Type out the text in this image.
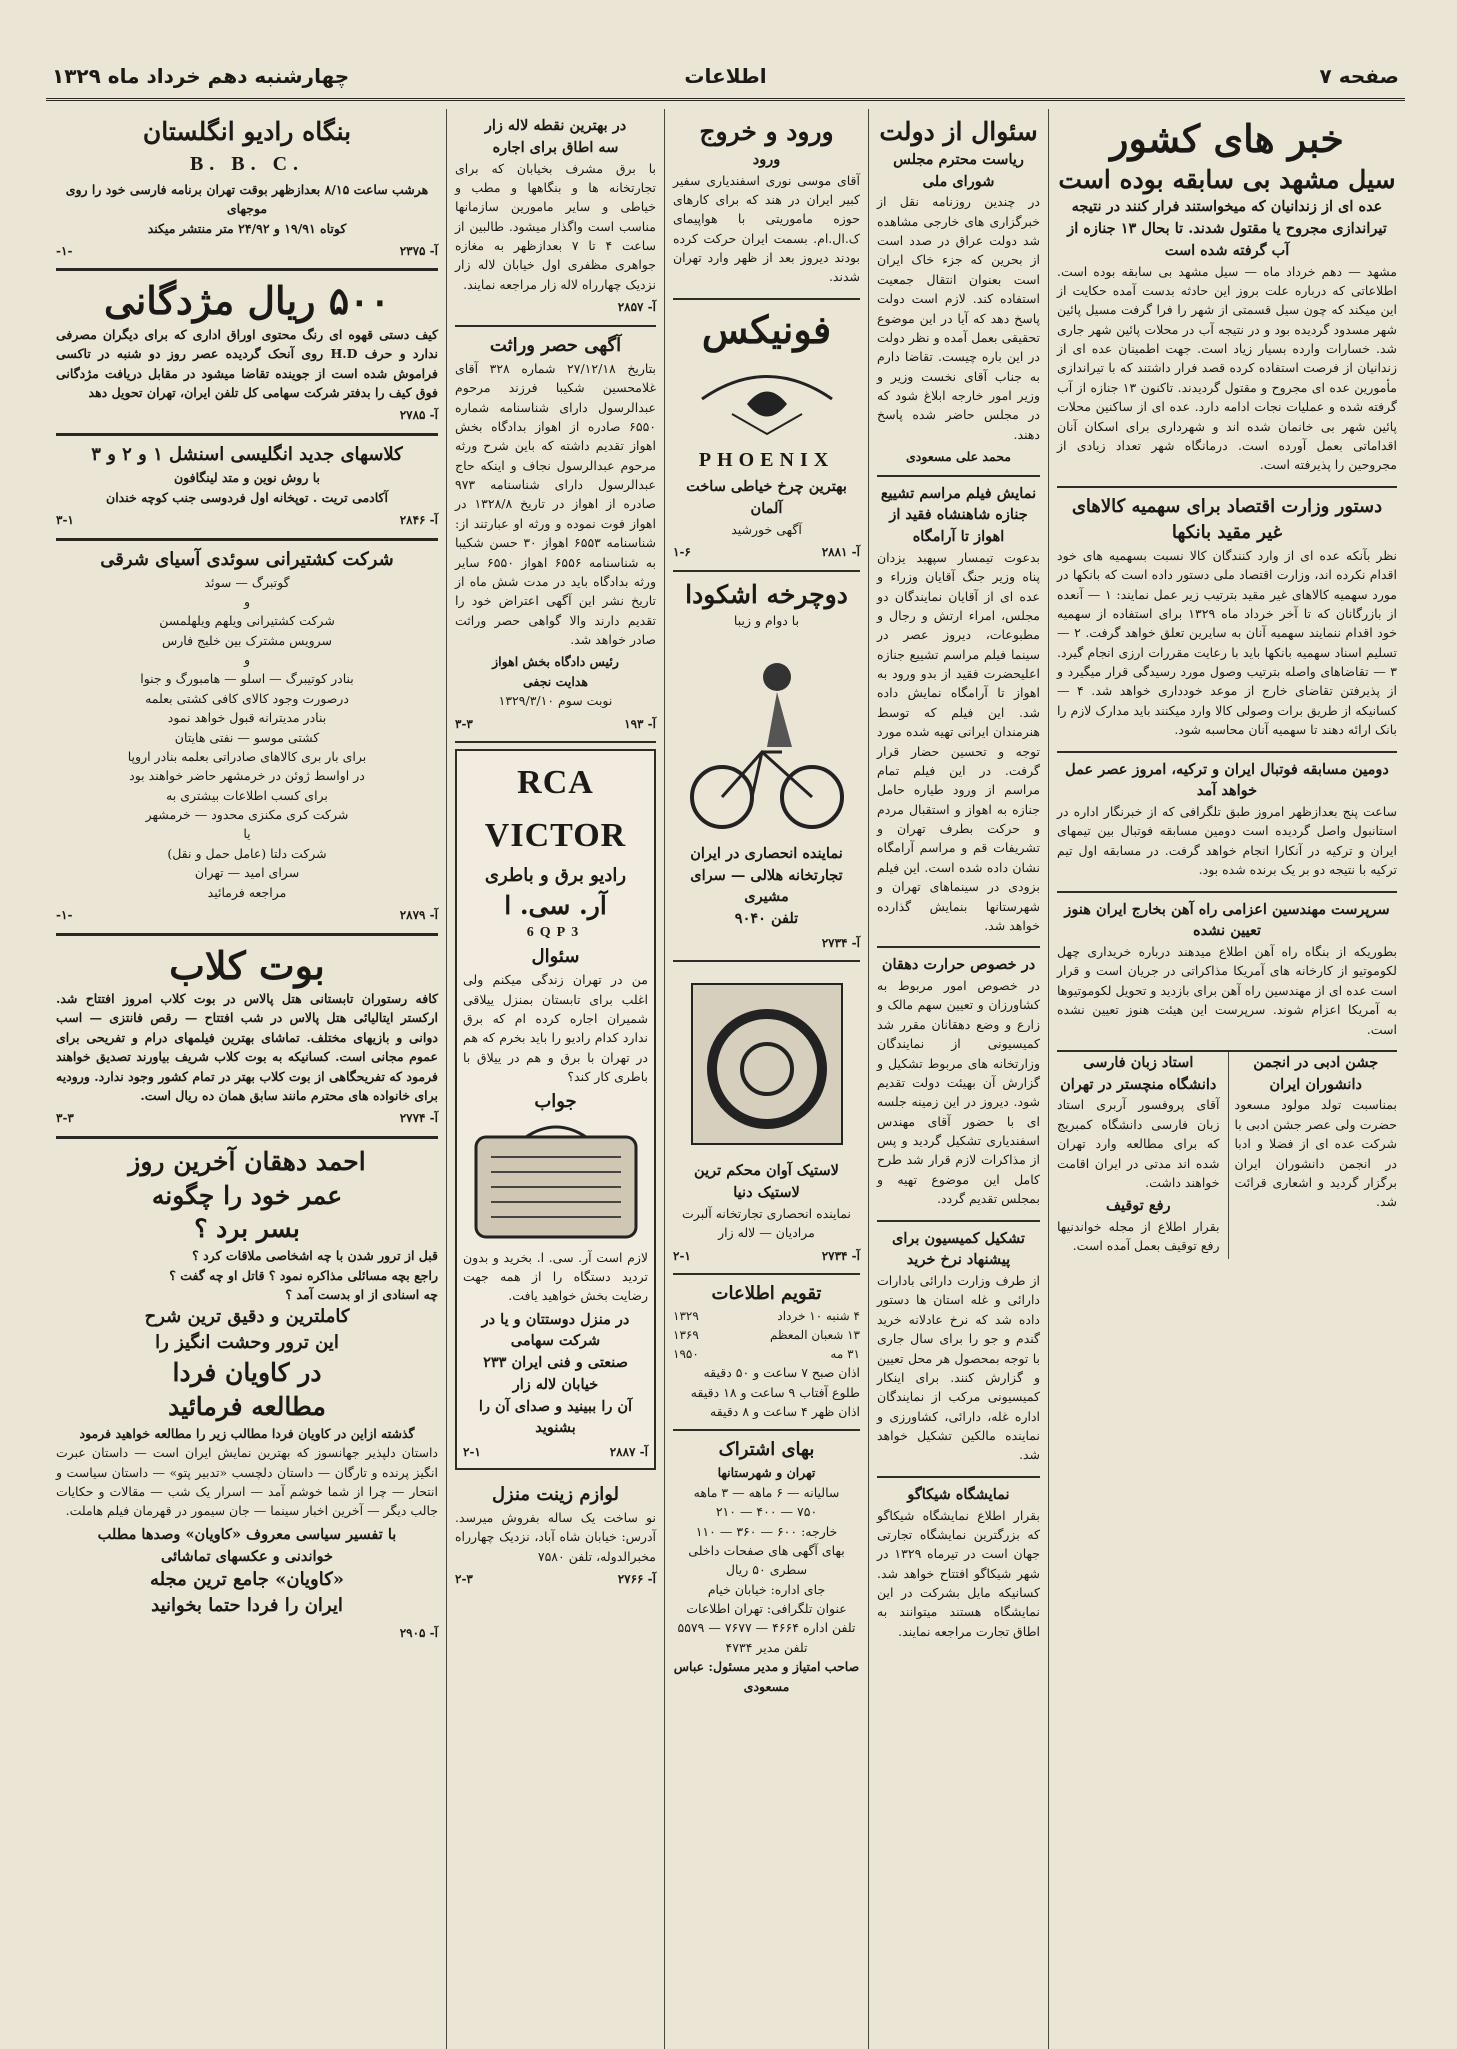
صفحه ۷
اطلاعات
چهارشنبه دهم خرداد ماه ۱۳۲۹
خبر های کشور
سیل مشهد بی سابقه بوده است
عده ای از زندانیان که میخواستند فرار کنند در نتیجه تیراندازی مجروح یا مقتول شدند. تا بحال ۱۳ جنازه از آب گرفته شده است

مشهد — دهم خرداد ماه — سیل مشهد بی سابقه بوده است. اطلاعاتی که درباره علت بروز این حادثه بدست آمده حکایت از این میکند که چون سیل قسمتی از شهر را فرا گرفت مسیل پائین شهر مسدود گردیده بود و در نتیجه آب در محلات پائین شهر جاری شد. خسارات وارده بسیار زیاد است. جهت اطمینان عده ای از زندانیان از فرصت استفاده کرده قصد فرار داشتند که با تیراندازی مأمورین عده ای مجروح و مقتول گردیدند. تاکنون ۱۳ جنازه از آب گرفته شده و عملیات نجات ادامه دارد. عده ای از ساکنین محلات پائین شهر بی خانمان شده اند و شهرداری برای اسکان آنان اقداماتی بعمل آورده است. درمانگاه شهر تعداد زیادی از مجروحین را پذیرفته است.

دستور وزارت اقتصاد برای سهمیه کالاهای غیر مقید بانکها

نظر بآنکه عده ای از وارد کنندگان کالا نسبت بسهمیه های خود اقدام نکرده اند، وزارت اقتصاد ملی دستور داده است که بانکها در مورد سهمیه کالاهای غیر مقید بترتیب زیر عمل نمایند: ۱ — آنعده از بازرگانان که تا آخر خرداد ماه ۱۳۲۹ برای استفاده از سهمیه خود اقدام ننمایند سهمیه آنان به سایرین تعلق خواهد گرفت. ۲ — تسلیم اسناد سهمیه بانکها باید با رعایت مقررات ارزی انجام گیرد. ۳ — تقاضاهای واصله بترتیب وصول مورد رسیدگی قرار میگیرد و از پذیرفتن تقاضای خارج از موعد خودداری خواهد شد. ۴ — کسانیکه از طریق برات وصولی کالا وارد میکنند باید مدارک لازم را بانک ارائه دهند تا سهمیه آنان محاسبه شود.

دومین مسابقه فوتبال ایران و ترکیه، امروز عصر عمل خواهد آمد

ساعت پنج بعدازظهر امروز طبق تلگرافی که از خبرنگار اداره در استانبول واصل گردیده است دومین مسابقه فوتبال بین تیمهای ایران و ترکیه در آنکارا انجام خواهد گرفت. در مسابقه اول تیم ترکیه با نتیجه دو بر یک برنده شده بود.

سرپرست مهندسین اعزامی راه آهن بخارج ایران هنوز تعیین نشده

بطوریکه از بنگاه راه آهن اطلاع میدهند درباره خریداری چهل لکوموتیو از کارخانه های آمریکا مذاکراتی در جریان است و قرار است عده ای از مهندسین راه آهن برای بازدید و تحویل لکوموتیوها به آمریکا اعزام شوند. سرپرست این هیئت هنوز تعیین نشده است.

جشن ادبی در انجمن دانشوران ایران

بمناسبت تولد مولود مسعود حضرت ولی عصر جشن ادبی با شرکت عده ای از فضلا و ادبا در انجمن دانشوران ایران برگزار گردید و اشعاری قرائت شد.

استاد زبان فارسی دانشگاه منچستر در تهران

آقای پروفسور آربری استاد زبان فارسی دانشگاه کمبریج که برای مطالعه وارد تهران شده اند مدتی در ایران اقامت خواهند داشت.

رفع توقیف

بقرار اطلاع از مجله خواندنیها رفع توقیف بعمل آمده است.

سئوال از دولت
ریاست محترم مجلس
شورای ملی

در چندین روزنامه نقل از خبرگزاری های خارجی مشاهده شد دولت عراق در صدد است از بحرین که جزء خاک ایران است بعنوان انتقال جمعیت استفاده کند. لازم است دولت پاسخ دهد که آیا در این موضوع تحقیقی بعمل آمده و نظر دولت در این باره چیست. تقاضا دارم به جناب آقای نخست وزیر و وزیر امور خارجه ابلاغ شود که در مجلس حاضر شده پاسخ دهند.

محمد علی مسعودی
نمایش فیلم مراسم تشییع جنازه شاهنشاه فقید از اهواز تا آرامگاه

بدعوت تیمسار سپهبد یزدان پناه وزیر جنگ آقایان وزراء و عده ای از آقایان نمایندگان دو مجلس، امراء ارتش و رجال و مطبوعات، دیروز عصر در سینما فیلم مراسم تشییع جنازه اعلیحضرت فقید از بدو ورود به اهواز تا آرامگاه نمایش داده شد. این فیلم که توسط هنرمندان ایرانی تهیه شده مورد توجه و تحسین حضار قرار گرفت. در این فیلم تمام مراسم از ورود طیاره حامل جنازه به اهواز و استقبال مردم و حرکت بطرف تهران و تشریفات قم و مراسم آرامگاه نشان داده شده است. این فیلم بزودی در سینماهای تهران و شهرستانها بنمایش گذارده خواهد شد.

در خصوص حرارت دهقان

در خصوص امور مربوط به کشاورزان و تعیین سهم مالک و زارع و وضع دهقانان مقرر شد کمیسیونی از نمایندگان وزارتخانه های مربوط تشکیل و گزارش آن بهیئت دولت تقدیم شود. دیروز در این زمینه جلسه ای با حضور آقای مهندس اسفندیاری تشکیل گردید و پس از مذاکرات لازم قرار شد طرح کامل این موضوع تهیه و بمجلس تقدیم گردد.

تشکیل کمیسیون برای پیشنهاد نرخ خرید

از طرف وزارت دارائی بادارات دارائی و غله استان ها دستور داده شد که نرخ عادلانه خرید گندم و جو را برای سال جاری با توجه بمحصول هر محل تعیین و گزارش کنند. برای اینکار کمیسیونی مرکب از نمایندگان اداره غله، دارائی، کشاورزی و نماینده مالکین تشکیل خواهد شد.

نمایشگاه شیکاگو

بقرار اطلاع نمایشگاه شیکاگو که بزرگترین نمایشگاه تجارتی جهان است در تیرماه ۱۳۲۹ در شهر شیکاگو افتتاح خواهد شد. کسانیکه مایل بشرکت در این نمایشگاه هستند میتوانند به اطاق تجارت مراجعه نمایند.

ورود و خروج
ورود

آقای موسی نوری اسفندیاری سفیر کبیر ایران در هند که برای کارهای حوزه ماموریتی با هواپیمای ک.ال.ام. بسمت ایران حرکت کرده بودند دیروز بعد از ظهر وارد تهران شدند.

فونیکس
PHOENIX
بهترین چرخ خیاطی ساخت آلمان
آگهی خورشید
آ- ۲۸۸۱
۱-۶
دوچرخه اشکودا
با دوام و زیبا
نماینده انحصاری در ایران
تجارتخانه هلالی — سرای مشیری
تلفن ۹۰۴۰
آ- ۲۷۳۴
لاستیک آوان محکم ترین لاستیک دنیا
نماینده انحصاری تجارتخانه آلبرت مرادیان — لاله زار
آ- ۲۷۳۴
۲-۱
تقویم اطلاعات
۴ شنبه ۱۰ خرداد
۱۳۲۹
۱۳ شعبان المعظم
۱۳۶۹
۳۱ مه
۱۹۵۰
اذان صبح ۷ ساعت و ۵۰ دقیقه
طلوع آفتاب ۹ ساعت و ۱۸ دقیقه
اذان ظهر ۴ ساعت و ۸ دقیقه
بهای اشتراک
تهران و شهرستانها
سالیانه — ۶ ماهه — ۳ ماهه
۷۵۰ — ۴۰۰ — ۲۱۰
خارجه: ۶۰۰ — ۳۶۰ — ۱۱۰
بهای آگهی های صفحات داخلی
سطری ۵۰ ریال
جای اداره: خیابان خیام
عنوان تلگرافی: تهران اطلاعات
تلفن اداره ۴۶۶۴ — ۷۶۷۷ — ۵۵۷۹
تلفن مدیر ۴۷۳۴
صاحب امتیاز و مدیر مسئول: عباس مسعودی
در بهترین نقطه لاله زار
سه اطاق برای اجاره

با برق مشرف بخیابان که برای تجارتخانه ها و بنگاهها و مطب و خیاطی و سایر مامورین سازمانها مناسب است واگذار میشود. طالبین از ساعت ۴ تا ۷ بعدازظهر به مغازه جواهری مظفری اول خیابان لاله زار نزدیک چهارراه لاله زار مراجعه نمایند.

آ- ۲۸۵۷
آگهی حصر وراثت

بتاریخ ۲۷/۱۲/۱۸ شماره ۳۲۸ آقای غلامحسین شکیبا فرزند مرحوم عبدالرسول دارای شناسنامه شماره ۶۵۵۰ صادره از اهواز بدادگاه بخش اهواز تقدیم داشته که باین شرح ورثه مرحوم عبدالرسول نجاف و اینکه حاج عبدالرسول دارای شناسنامه ۹۷۳ صادره از اهواز در تاریخ ۱۳۲۸/۸ در اهواز فوت نموده و ورثه او عبارتند از: شناسنامه ۶۵۵۳ اهواز ۳۰ حسن شکیبا به شناسنامه ۶۵۵۶ اهواز ۶۵۵۰ سایر ورثه بدادگاه باید در مدت شش ماه از تاریخ نشر این آگهی اعتراض خود را تقدیم دارند والا گواهی حصر وراثت صادر خواهد شد.

رئیس دادگاه بخش اهواز
هدایت نجفی
نوبت سوم ۱۳۲۹/۳/۱۰
آ- ۱۹۳
۳-۳
RCA VICTOR
رادیو برق و باطری
آر. سی. ا
6QP3
سئوال

من در تهران زندگی میکنم ولی اغلب برای تابستان بمنزل ییلاقی شمیران اجاره کرده ام که برق ندارد کدام رادیو را باید بخرم که هم در تهران با برق و هم در ییلاق با باطری کار کند؟

جواب

لازم است آر. سی. ا. بخرید و بدون تردید دستگاه را از همه جهت رضایت بخش خواهید یافت.

در منزل دوستتان و یا در شرکت سهامی
صنعتی و فنی ایران ۲۳۳ خیابان لاله زار
آن را ببینید و صدای آن را بشنوید
آ- ۲۸۸۷
۲-۱
لوازم زینت منزل

نو ساخت یک ساله بفروش میرسد. آدرس: خیابان شاه آباد، نزدیک چهارراه مخبرالدوله، تلفن ۷۵۸۰

آ- ۲۷۶۶
۲-۳
بنگاه رادیو انگلستان
B. B. C.
هرشب ساعت ۸/۱۵ بعدازظهر بوقت تهران برنامه فارسی خود را روی موجهای
کوتاه ۱۹/۹۱ و ۲۴/۹۲ متر منتشر میکند
آ- ۲۳۷۵
-۱-
۵۰۰ ریال مژدگانی

کیف دستی قهوه ای رنگ محتوی اوراق اداری که برای دیگران مصرفی ندارد و حرف H.D روی آنحک گردیده عصر روز دو شنبه در تاکسی فراموش شده است از جوینده تقاضا میشود در مقابل دریافت مژدگانی فوق کیف را بدفتر شرکت سهامی کل تلفن ایران، تهران تحویل دهد

آ- ۲۷۸۵
کلاسهای جدید انگلیسی اسنشل ۱ و ۲ و ۳
با روش نوین و متد لینگافون
آکادمی تریت . توپخانه اول فردوسی جنب کوچه خندان
آ- ۲۸۴۶
۳-۱
شرکت کشتیرانی سوئدی آسیای شرقی
گوتبرگ — سوئد
و
شرکت کشتیرانی ویلهم ویلهلمسن
سرویس مشترک بین خلیج فارس
و
بنادر کوتیبرگ — اسلو — هامبورگ و جنوا
درصورت وجود کالای کافی کشتی بعلمه
بنادر مدیترانه قبول خواهد نمود
کشتی موسو — نفتی هایتان
برای بار بری کالاهای صادراتی بعلمه بنادر اروپا
در اواسط ژوئن در خرمشهر حاضر خواهند بود
برای کسب اطلاعات بیشتری به
شرکت کری مکنزی محدود — خرمشهر
یا
شرکت دلتا (عامل حمل و نقل)
سرای امید — تهران
مراجعه فرمائید
آ- ۲۸۷۹
-۱-
بوت کلاب

کافه رستوران تابستانی هتل پالاس در بوت کلاب امروز افتتاح شد. ارکستر ایتالیائی هتل پالاس در شب افتتاح — رقص فانتزی — اسب دوانی و بازیهای مختلف. تماشای بهترین فیلمهای درام و تفریحی برای عموم مجانی است. کسانیکه به بوت کلاب شریف بیاورند تصدیق خواهند فرمود که تفریحگاهی از بوت کلاب بهتر در تمام کشور وجود ندارد. ورودیه برای خانواده های محترم مانند سابق همان ده ریال است.

آ- ۲۷۷۴
۳-۳
احمد دهقان آخرین روز
عمر خود را چگونه
بسر برد ؟
قبل از ترور شدن با چه اشخاصی ملاقات کرد ؟
راجع بچه مسائلی مذاکره نمود ؟ قاتل او چه گفت ؟
چه اسنادی از او بدست آمد ؟
کاملترین و دقیق ترین شرح
این ترور وحشت انگیز را
در کاویان فردا
مطالعه فرمائید
گذشته ازاین در کاویان فردا مطالب زیر را مطالعه خواهید فرمود

داستان دلپذیر جهانسوز که بهترین نمایش ایران است — داستان عبرت انگیز پرنده و تارگان — داستان دلچسب «تدبیر پتو» — داستان سیاست و انتحار — چرا از شما خوشم آمد — اسرار یک شب — مقالات و حکایات جالب دیگر — آخرین اخبار سینما — جان سیمور در قهرمان فیلم هاملت.

با تفسیر سیاسی معروف «کاویان» وصدها مطلب
خواندنی و عکسهای تماشائی
«کاویان» جامع ترین مجله
ایران را فردا حتما بخوانید
آ- ۲۹۰۵
